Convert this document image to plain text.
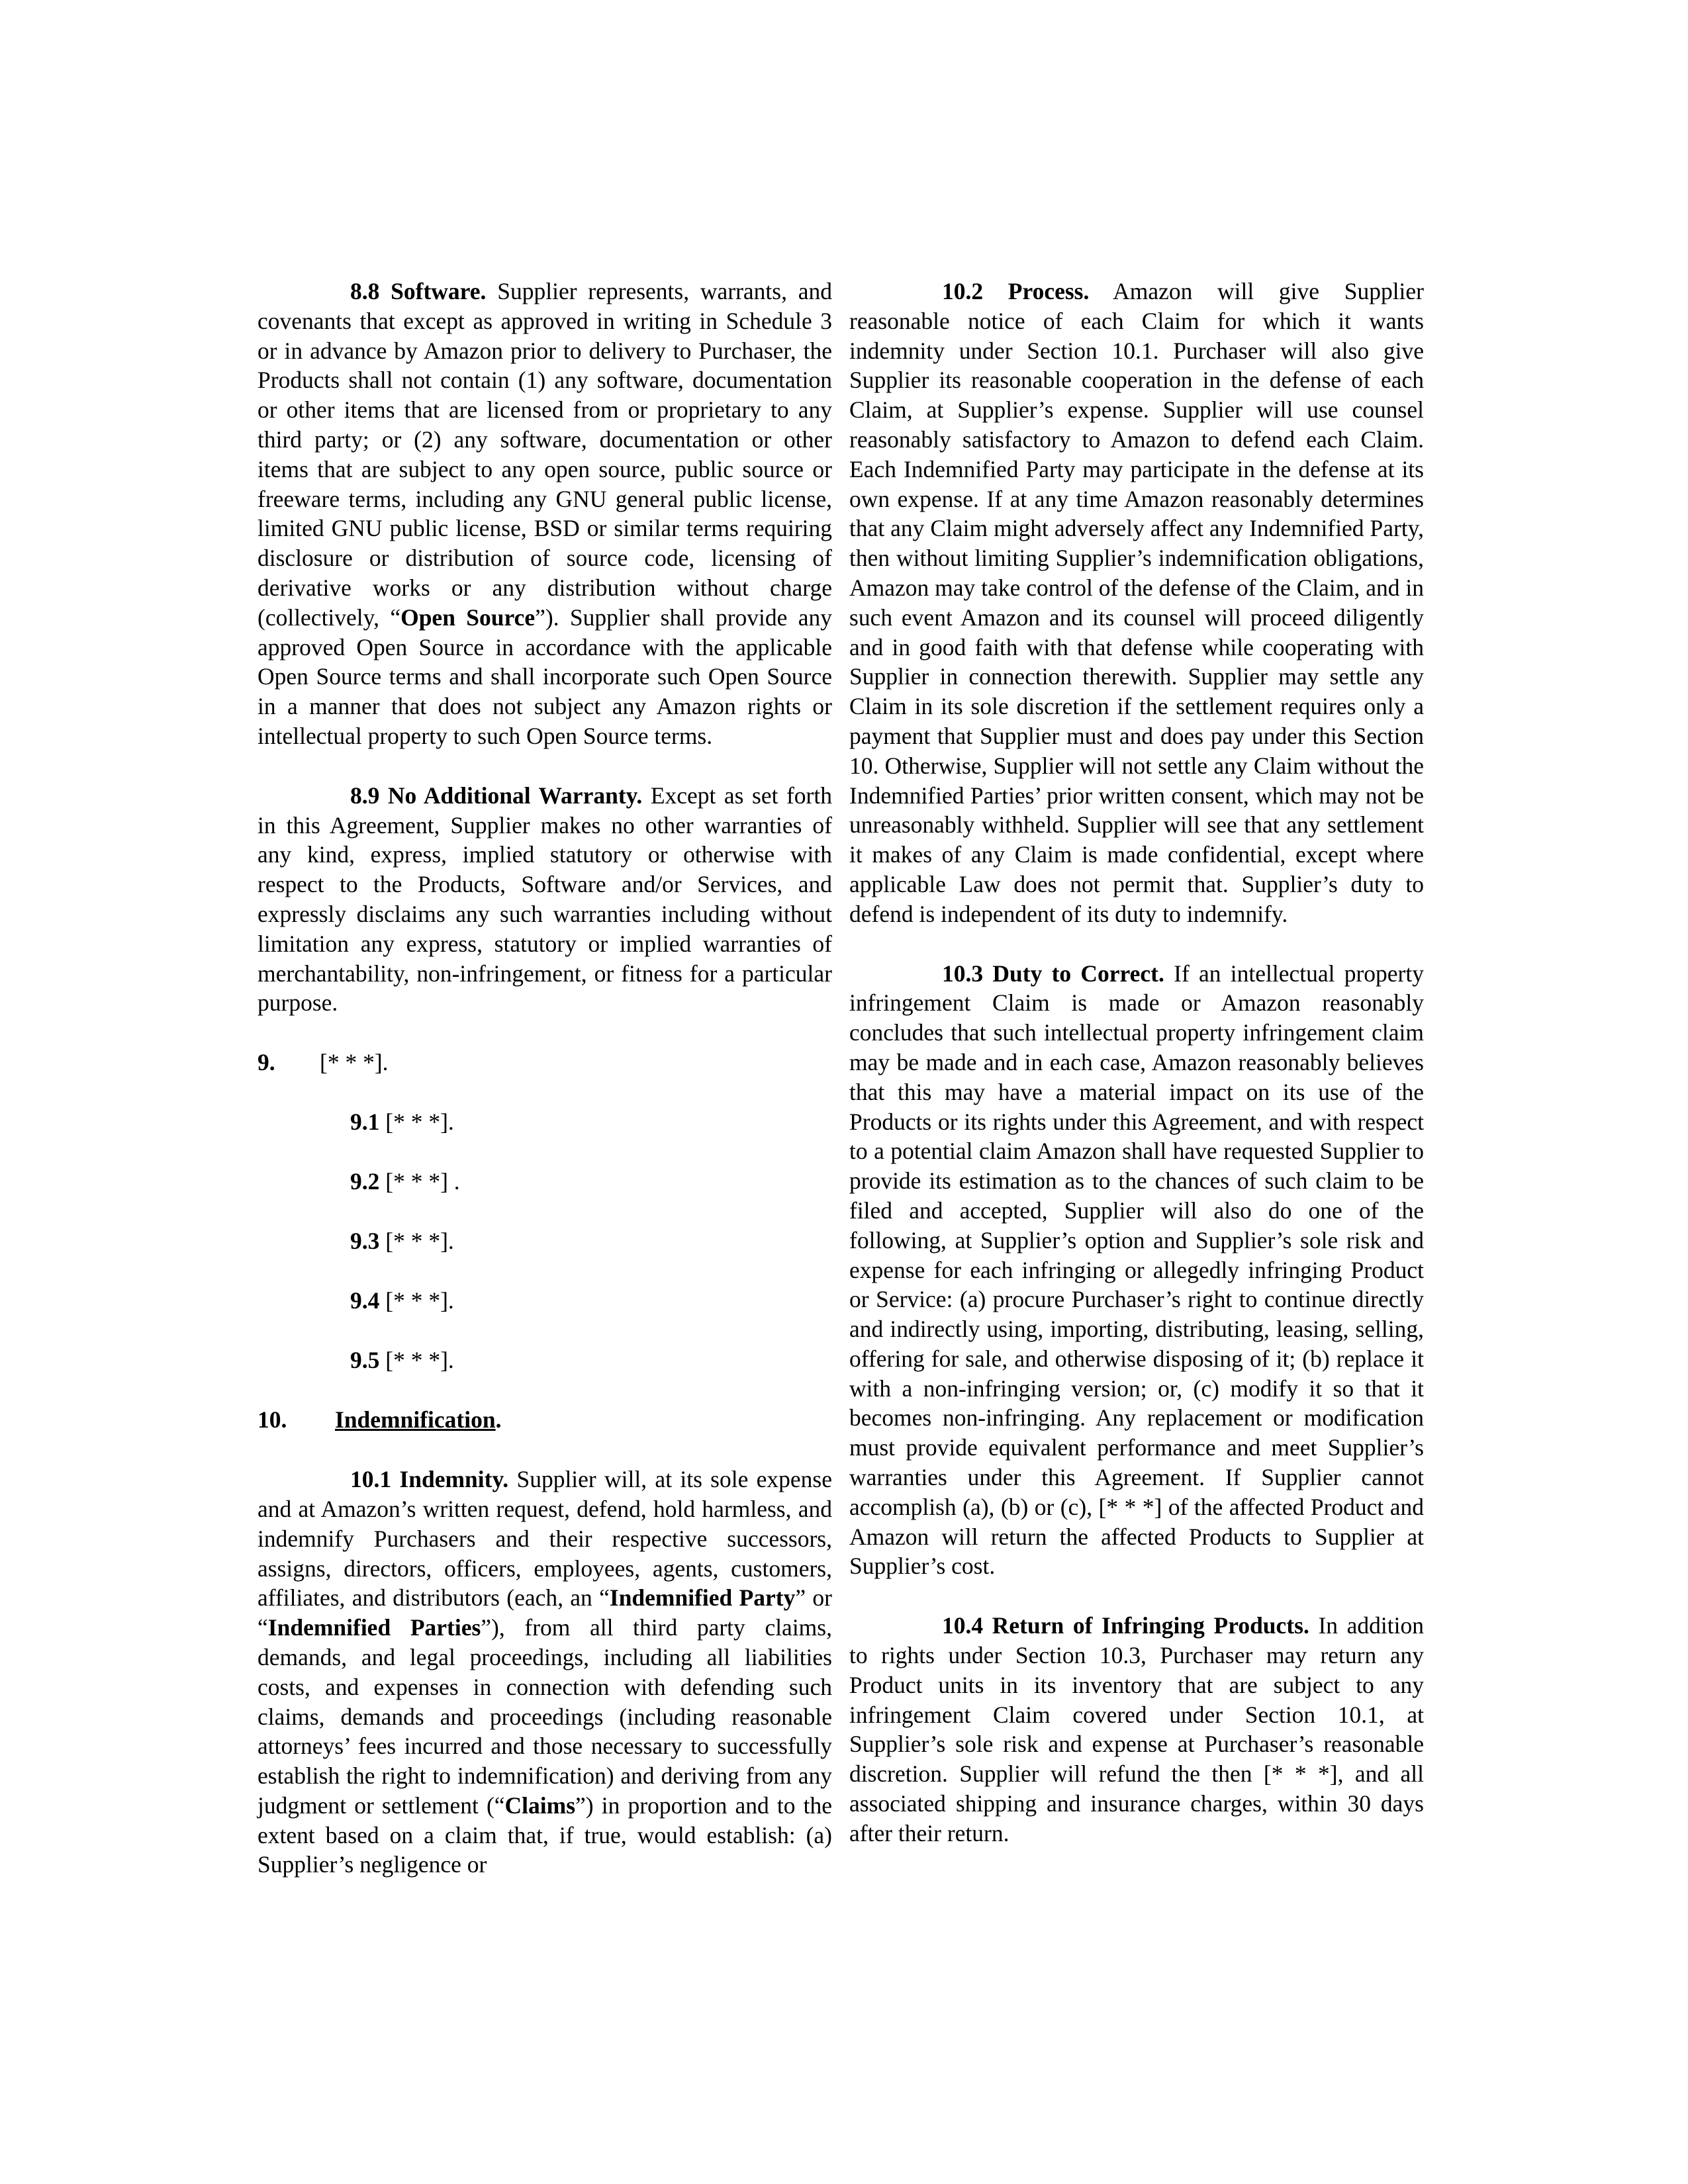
8.8 Software. Supplier represents, warrants, and covenants that except as approved in writing in Schedule 3 or in advance by Amazon prior to delivery to Purchaser, the Products shall not contain (1) any software, documentation or other items that are licensed from or proprietary to any third party; or (2) any software, documentation or other items that are subject to any open source, public source or freeware terms, including any GNU general public license, limited GNU public license, BSD or similar terms requiring disclosure or distribution of source code, licensing of derivative works or any distribution without charge (collectively, “Open Source”). Supplier shall provide any approved Open Source in accordance with the applicable Open Source terms and shall incorporate such Open Source in a manner that does not subject any Amazon rights or intellectual property to such Open Source terms.

8.9 No Additional Warranty. Except as set forth in this Agreement, Supplier makes no other warranties of any kind, express, implied statutory or otherwise with respect to the Products, Software and/or Services, and expressly disclaims any such warranties including without limitation any express, statutory or implied warranties of merchantability, non-infringement, or fitness for a particular purpose.

9. [* * *].
9.1 [* * *].
9.2 [* * *] .
9.3 [* * *].
9.4 [* * *].
9.5 [* * *].
10. Indemnification.

10.1 Indemnity. Supplier will, at its sole expense and at Amazon’s written request, defend, hold harmless, and indemnify Purchasers and their respective successors, assigns, directors, officers, employees, agents, customers, affiliates, and distributors (each, an “Indemnified Party” or “Indemnified Parties”), from all third party claims, demands, and legal proceedings, including all liabilities costs, and expenses in connection with defending such claims, demands and proceedings (including reasonable attorneys’ fees incurred and those necessary to successfully establish the right to indemnification) and deriving from any judgment or settlement (“Claims”) in proportion and to the extent based on a claim that, if true, would establish: (a) Supplier’s negligence or

10.2 Process. Amazon will give Supplier reasonable notice of each Claim for which it wants indemnity under Section 10.1. Purchaser will also give Supplier its reasonable cooperation in the defense of each Claim, at Supplier’s expense. Supplier will use counsel reasonably satisfactory to Amazon to defend each Claim. Each Indemnified Party may participate in the defense at its own expense. If at any time Amazon reasonably determines that any Claim might adversely affect any Indemnified Party, then without limiting Supplier’s indemnification obligations, Amazon may take control of the defense of the Claim, and in such event Amazon and its counsel will proceed diligently and in good faith with that defense while cooperating with Supplier in connection therewith. Supplier may settle any Claim in its sole discretion if the settlement requires only a payment that Supplier must and does pay under this Section 10. Otherwise, Supplier will not settle any Claim without the Indemnified Parties’ prior written consent, which may not be unreasonably withheld. Supplier will see that any settlement it makes of any Claim is made confidential, except where applicable Law does not permit that. Supplier’s duty to defend is independent of its duty to indemnify.

10.3 Duty to Correct. If an intellectual property infringement Claim is made or Amazon reasonably concludes that such intellectual property infringement claim may be made and in each case, Amazon reasonably believes that this may have a material impact on its use of the Products or its rights under this Agreement, and with respect to a potential claim Amazon shall have requested Supplier to provide its estimation as to the chances of such claim to be filed and accepted, Supplier will also do one of the following, at Supplier’s option and Supplier’s sole risk and expense for each infringing or allegedly infringing Product or Service: (a) procure Purchaser’s right to continue directly and indirectly using, importing, distributing, leasing, selling, offering for sale, and otherwise disposing of it; (b) replace it with a non-infringing version; or, (c) modify it so that it becomes non-infringing. Any replacement or modification must provide equivalent performance and meet Supplier’s warranties under this Agreement. If Supplier cannot accomplish (a), (b) or (c), [* * *] of the affected Product and Amazon will return the affected Products to Supplier at Supplier’s cost.

10.4 Return of Infringing Products. In addition to rights under Section 10.3, Purchaser may return any Product units in its inventory that are subject to any infringement Claim covered under Section 10.1, at Supplier’s sole risk and expense at Purchaser’s reasonable discretion. Supplier will refund the then [* * *], and all associated shipping and insurance charges, within 30 days after their return.
